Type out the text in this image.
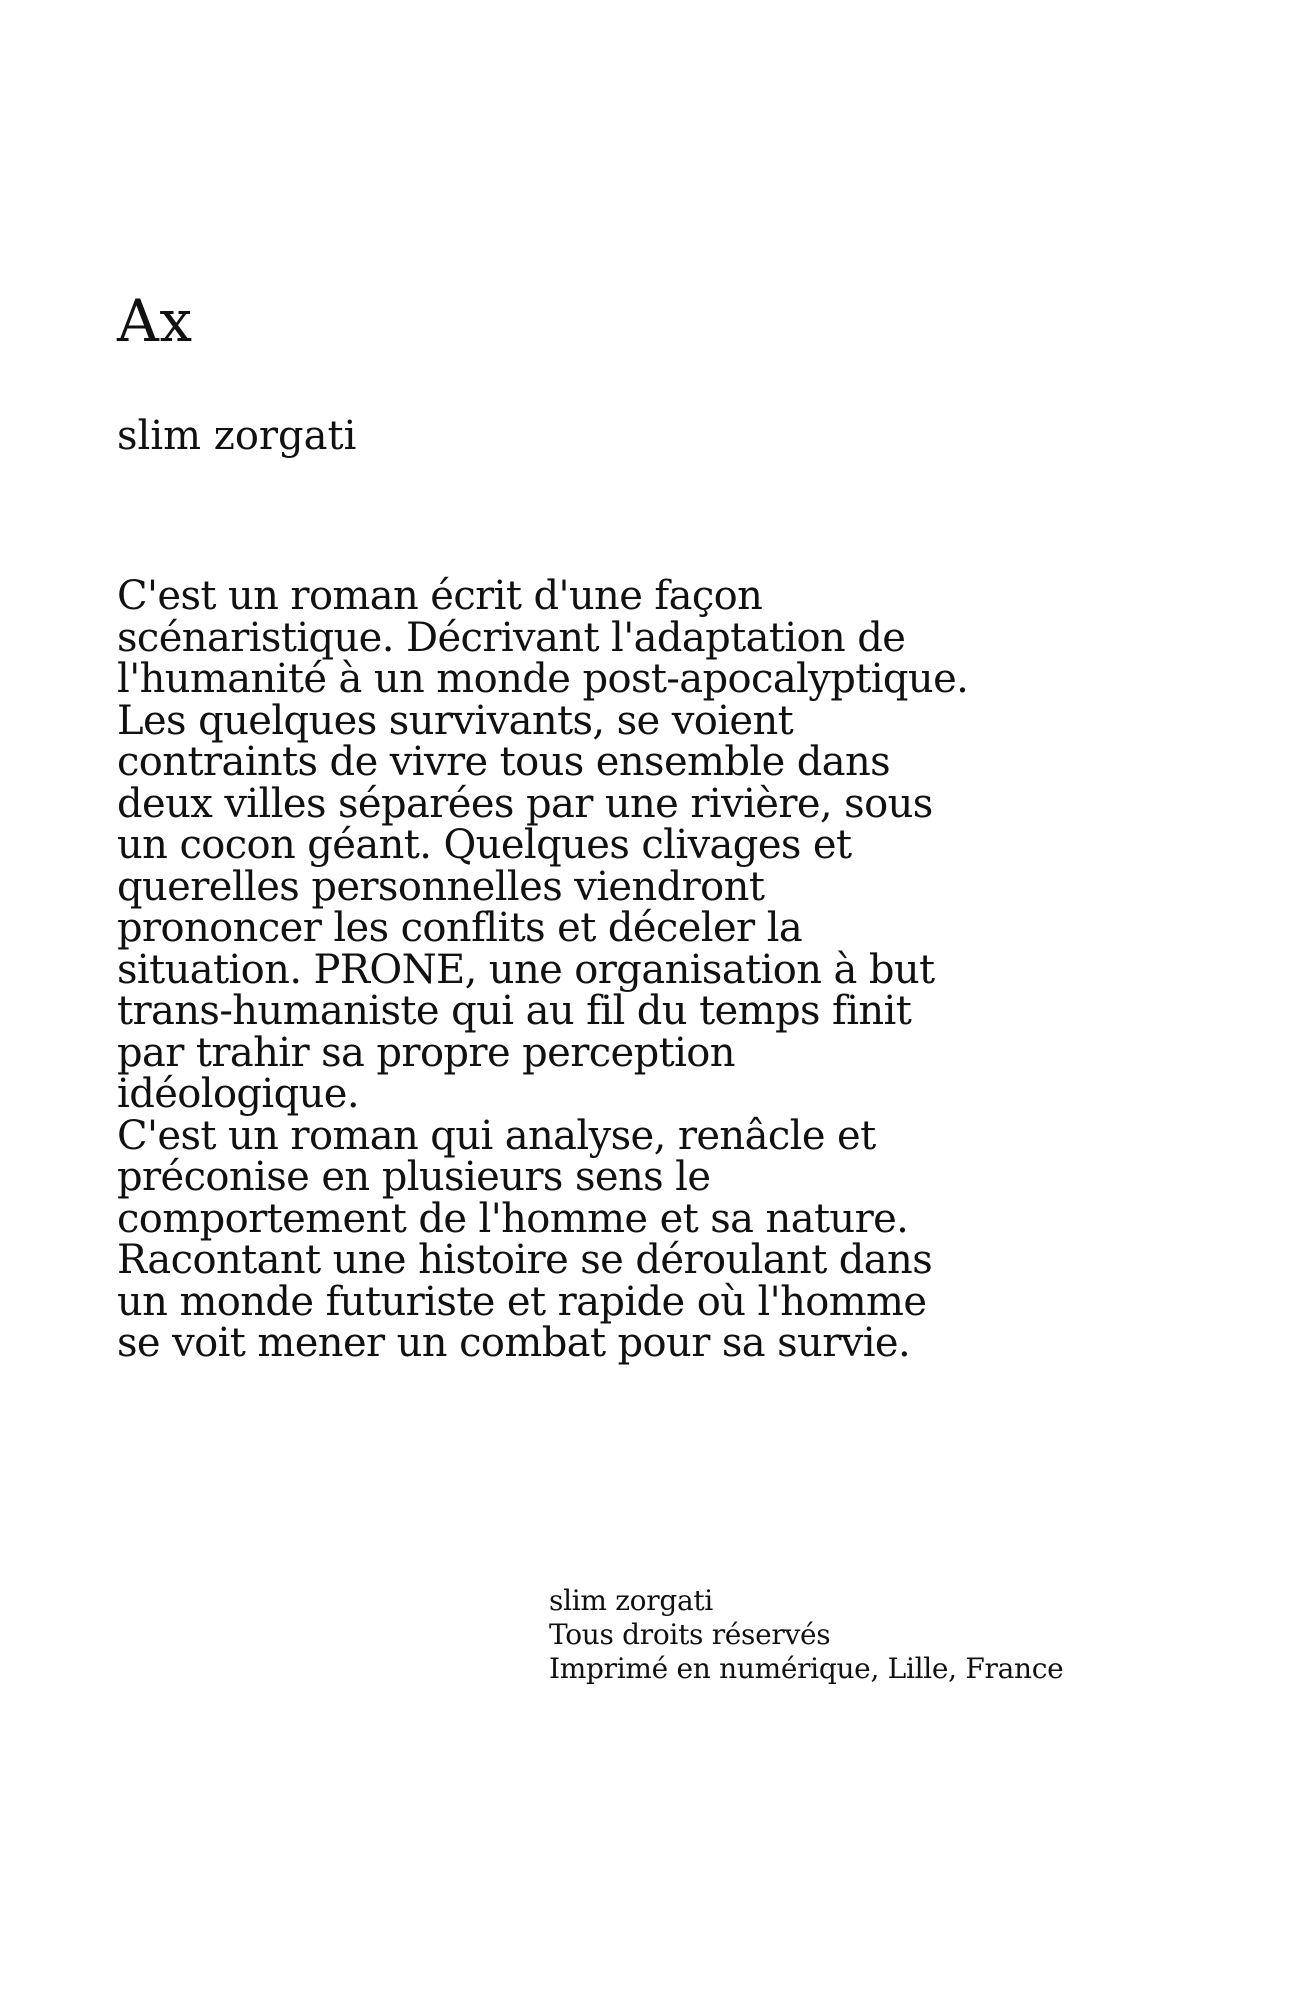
Ax
slim zorgati

C'est un roman écrit d'une façon scénaristique. Décrivant l'adaptation de l'humanité à un monde post-apocalyptique. Les quelques survivants, se voient contraints de vivre tous ensemble dans deux villes séparées par une rivière, sous un cocon géant. Quelques clivages et querelles personnelles viendront prononcer les conflits et déceler la situation. PRONE, une organisation à but trans-humaniste qui au fil du temps finit par trahir sa propre perception idéologique.

C'est un roman qui analyse, renâcle et préconise en plusieurs sens le comportement de l'homme et sa nature. Racontant une histoire se déroulant dans un monde futuriste et rapide où l'homme se voit mener un combat pour sa survie.

slim zorgati
Tous droits réservés
Imprimé en numérique, Lille, France
